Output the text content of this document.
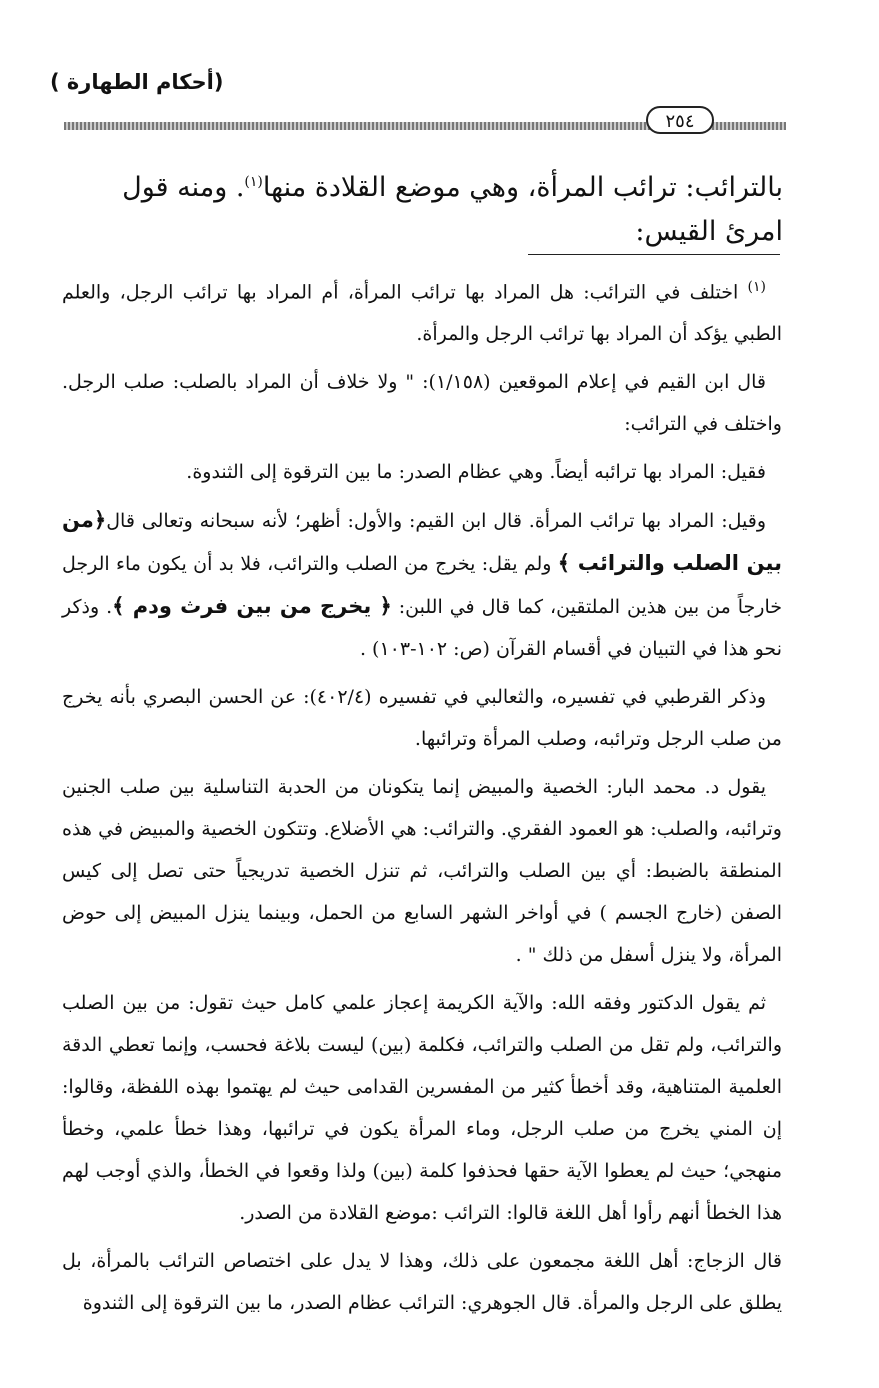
(أحكام الطهارة )
٢٥٤
بالترائب: ترائب المرأة، وهي موضع القلادة منها$^{(١)}$. ومنه قول امرئ القيس:

$^{(١)}$ اختلف في الترائب: هل المراد بها ترائب المرأة، أم المراد بها ترائب الرجل، والعلم الطبي يؤكد أن المراد بها ترائب الرجل والمرأة.

قال ابن القيم في إعلام الموقعين (١/١٥٨): " ولا خلاف أن المراد بالصلب: صلب الرجل. واختلف في الترائب:

فقيل: المراد بها ترائبه أيضاً. وهي عظام الصدر: ما بين الترقوة إلى الثندوة.

وقيل: المراد بها ترائب المرأة. قال ابن القيم: والأول: أظهر؛ لأنه سبحانه وتعالى قال﴿من بين الصلب والترائب ﴾ ولم يقل: يخرج من الصلب والترائب، فلا بد أن يكون ماء الرجل خارجاً من بين هذين الملتقين، كما قال في اللبن: ﴿ يخرج من بين فرث ودم ﴾. وذكر نحو هذا في التبيان في أقسام القرآن (ص: ١٠٢-١٠٣) .

وذكر القرطبي في تفسيره، والثعالبي في تفسيره (٤٠٢/٤): عن الحسن البصري بأنه يخرج من صلب الرجل وترائبه، وصلب المرأة وترائبها.

يقول د. محمد البار: الخصية والمبيض إنما يتكونان من الحدبة التناسلية بين صلب الجنين وترائبه، والصلب: هو العمود الفقري. والترائب: هي الأضلاع. وتتكون الخصية والمبيض في هذه المنطقة بالضبط: أي بين الصلب والترائب، ثم تنزل الخصية تدريجياً حتى تصل إلى كيس الصفن (خارج الجسم ) في أواخر الشهر السابع من الحمل، وبينما ينزل المبيض إلى حوض المرأة، ولا ينزل أسفل من ذلك " .

ثم يقول الدكتور وفقه الله: والآية الكريمة إعجاز علمي كامل حيث تقول: من بين الصلب والترائب، ولم تقل من الصلب والترائب، فكلمة (بين) ليست بلاغة فحسب، وإنما تعطي الدقة العلمية المتناهية، وقد أخطأ كثير من المفسرين القدامى حيث لم يهتموا بهذه اللفظة، وقالوا: إن المني يخرج من صلب الرجل، وماء المرأة يكون في ترائبها، وهذا خطأ علمي، وخطأ منهجي؛ حيث لم يعطوا الآية حقها فحذفوا كلمة (بين) ولذا وقعوا في الخطأ، والذي أوجب لهم هذا الخطأ أنهم رأوا أهل اللغة قالوا: الترائب :موضع القلادة من الصدر.

قال الزجاج: أهل اللغة مجمعون على ذلك، وهذا لا يدل على اختصاص الترائب بالمرأة، بل يطلق على الرجل والمرأة. قال الجوهري: الترائب عظام الصدر، ما بين الترقوة إلى الثندوة
